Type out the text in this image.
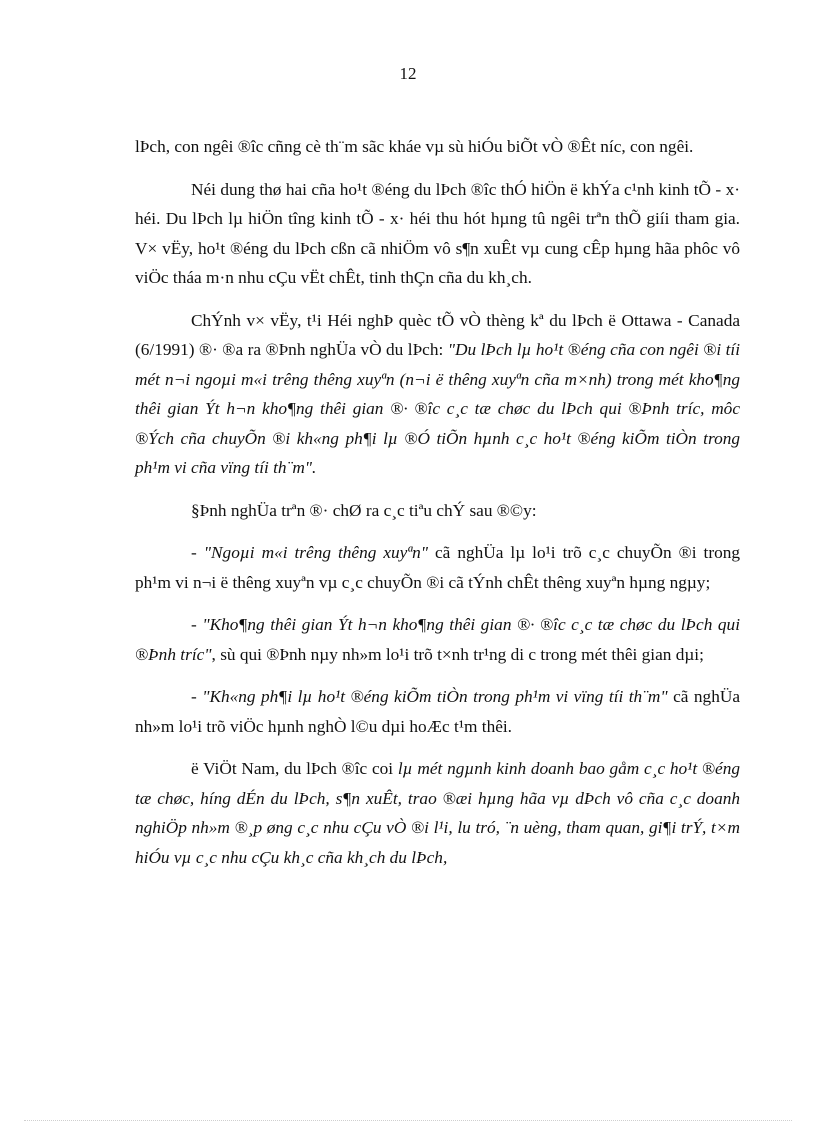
12

lÞch, con ngêi ®îc cñng cè th¨m sãc kháe vµ sù hiÓu biÕt vÒ ®Êt níc, con ngêi.

Néi dung thø hai cña ho¹t ®éng du lÞch ®îc thÓ hiÖn ë khÝa c¹nh kinh tÕ - x· héi. Du lÞch lµ hiÖn tîng kinh tÕ - x· héi thu hót hµng tû ngêi trªn thÕ giíi tham gia. V× vËy, ho¹t ®éng du lÞch cßn cã nhiÖm vô s¶n xuÊt vµ cung cÊp hµng hãa phôc vô viÖc tháa m·n nhu cÇu vËt chÊt, tinh thÇn cña du kh¸ch.

ChÝnh v× vËy, t¹i Héi nghÞ quèc tÕ vÒ thèng kª du lÞch ë Ottawa - Canada (6/1991) ®· ®a ra ®Þnh nghÜa vÒ du lÞch: "Du lÞch lµ ho¹t ®éng cña con ngêi ®i tíi mét n¬i ngoµi m«i trêng thêng xuyªn (n¬i ë thêng xuyªn cña m×nh) trong mét kho¶ng thêi gian Ýt h¬n kho¶ng thêi gian ®· ®îc c¸c tæ chøc du lÞch qui ®Þnh tríc, môc ®Ých cña chuyÕn ®i kh«ng ph¶i lµ ®Ó tiÕn hµnh c¸c ho¹t ®éng kiÕm tiÒn trong ph¹m vi cña vïng tíi th¨m".

§Þnh nghÜa trªn ®· chØ ra c¸c tiªu chÝ sau ®©y:

- "Ngoµi m«i trêng thêng xuyªn" cã nghÜa lµ lo¹i trõ c¸c chuyÕn ®i trong ph¹m vi n¬i ë thêng xuyªn vµ c¸c chuyÕn ®i cã tÝnh chÊt thêng xuyªn hµng ngµy;

- "Kho¶ng thêi gian Ýt h¬n kho¶ng thêi gian ®· ®îc c¸c tæ chøc du lÞch qui ®Þnh tríc", sù qui ®Þnh nµy nh»m lo¹i trõ t×nh tr¹ng di c trong mét thêi gian dµi;

- "Kh«ng ph¶i lµ ho¹t ®éng kiÕm tiÒn trong ph¹m vi vïng tíi th¨m" cã nghÜa nh»m lo¹i trõ viÖc hµnh nghÒ l©u dµi hoÆc t¹m thêi.

ë ViÖt Nam, du lÞch ®îc coi lµ mét ngµnh kinh doanh bao gåm c¸c ho¹t ®éng tæ chøc, híng dÉn du lÞch, s¶n xuÊt, trao ®æi hµng hãa vµ dÞch vô cña c¸c doanh nghiÖp nh»m ®¸p øng c¸c nhu cÇu vÒ ®i l¹i, lu tró, ¨n uèng, tham quan, gi¶i trÝ, t×m hiÓu vµ c¸c nhu cÇu kh¸c cña kh¸ch du lÞch,
